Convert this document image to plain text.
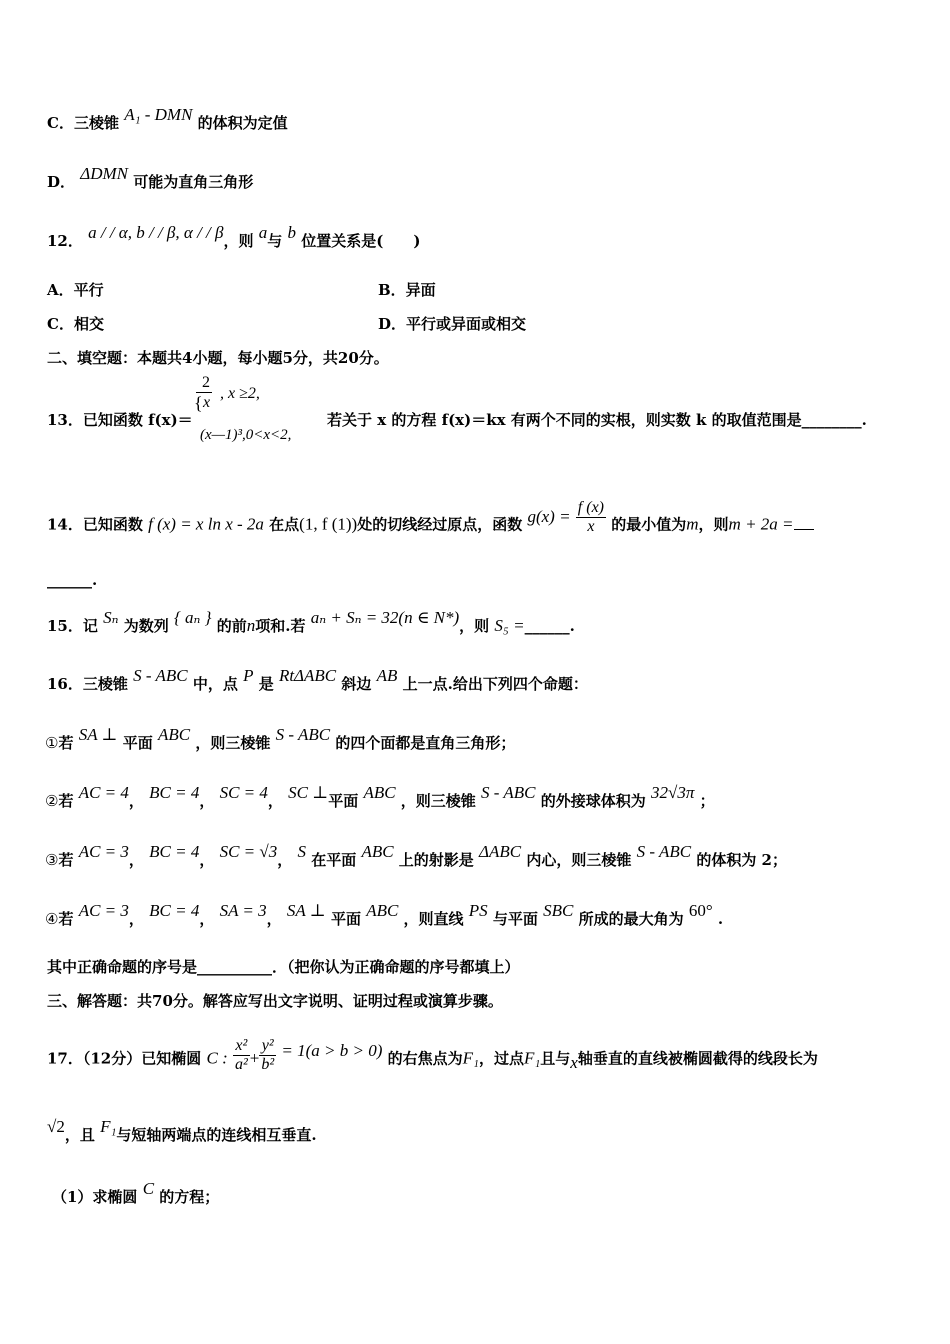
C．三棱锥 A₁ - DMN 的体积为定值
D． ΔDMN 可能为直角三角形
12． a / / α, b / / β, α / / β，则 a与 b 位置关系是(　　)
A．平行	B．异面
C．相交	D．平行或异面或相交
二、填空题：本题共4小题，每小题5分，共20分。
13．已知函数 f(x)＝
2
{ x
, x ≥2,
(x—1)³,0<x<2,
若关于 x 的方程 f(x)＝kx 有两个不同的实根，则实数 k 的取值范围是________.
14．已知函数 f (x) = x ln x - 2a 在点(1, f (1))处的切线经过原点，函数 $g(x) = \frac{f (x)}{x}$ 的最小值为m，则m + 2a =
______.
15．记 Sₙ 为数列 { aₙ } 的前n项和.若 aₙ + Sₙ = 32(n ∈ N*)，则 S₅ =______.
16．三棱锥 S - ABC 中，点 P 是 RtΔABC 斜边 AB 上一点.给出下列四个命题：
①若 SA ⊥ 平面 ABC ，则三棱锥 S - ABC 的四个面都是直角三角形；
②若 AC = 4， BC = 4， SC = 4， SC ⊥平面 ABC ，则三棱锥 S - ABC 的外接球体积为 32√3π ；
③若 AC = 3， BC = 4， SC = √3， S 在平面 ABC 上的射影是 ΔABC 内心，则三棱锥 S - ABC 的体积为 2；
④若 AC = 3， BC = 4， SA = 3， SA ⊥ 平面 ABC ，则直线 PS 与平面 SBC 所成的最大角为 60° .
其中正确命题的序号是__________．（把你认为正确命题的序号都填上）
三、解答题：共70分。解答应写出文字说明、证明过程或演算步骤。
17．（12分）已知椭圆 C : $\frac{\text{x²}}{\text{a²}} + \frac{\text{y²}}{\text{b²}} = 1(a > b > 0)$ 的右焦点为F₁，过点F₁且与x轴垂直的直线被椭圆截得的线段长为
√2，且 F₁与短轴两端点的连线相互垂直.
（1）求椭圆 C 的方程；
